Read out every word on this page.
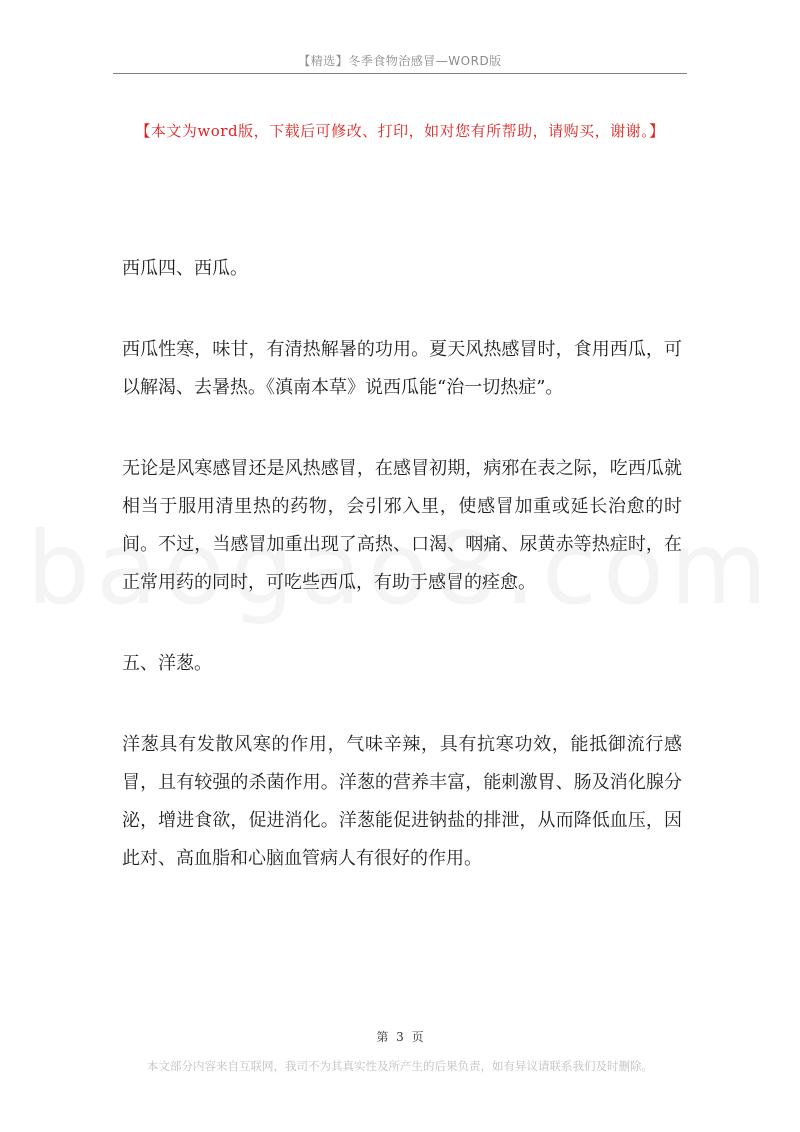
【精选】冬季食物治感冒—WORD版
【本文为word版，下载后可修改、打印，如对您有所帮助，请购买，谢谢。】

西瓜四、西瓜。

西瓜性寒，味甘，有清热解暑的功用。夏天风热感冒时，食用西瓜，可以解渴、去暑热。《滇南本草》说西瓜能“治一切热症”。

无论是风寒感冒还是风热感冒，在感冒初期，病邪在表之际，吃西瓜就相当于服用清里热的药物，会引邪入里，使感冒加重或延长治愈的时间。不过，当感冒加重出现了高热、口渴、咽痛、尿黄赤等热症时，在正常用药的同时，可吃些西瓜，有助于感冒的痊愈。

五、洋葱。

洋葱具有发散风寒的作用，气味辛辣，具有抗寒功效，能抵御流行感冒，且有较强的杀菌作用。洋葱的营养丰富，能刺激胃、肠及消化腺分泌，增进食欲，促进消化。洋葱能促进钠盐的排泄，从而降低血压，因此对、高血脂和心脑血管病人有很好的作用。

第 3 页
本文部分内容来自互联网，我司不为其真实性及所产生的后果负责，如有异议请联系我们及时删除。
